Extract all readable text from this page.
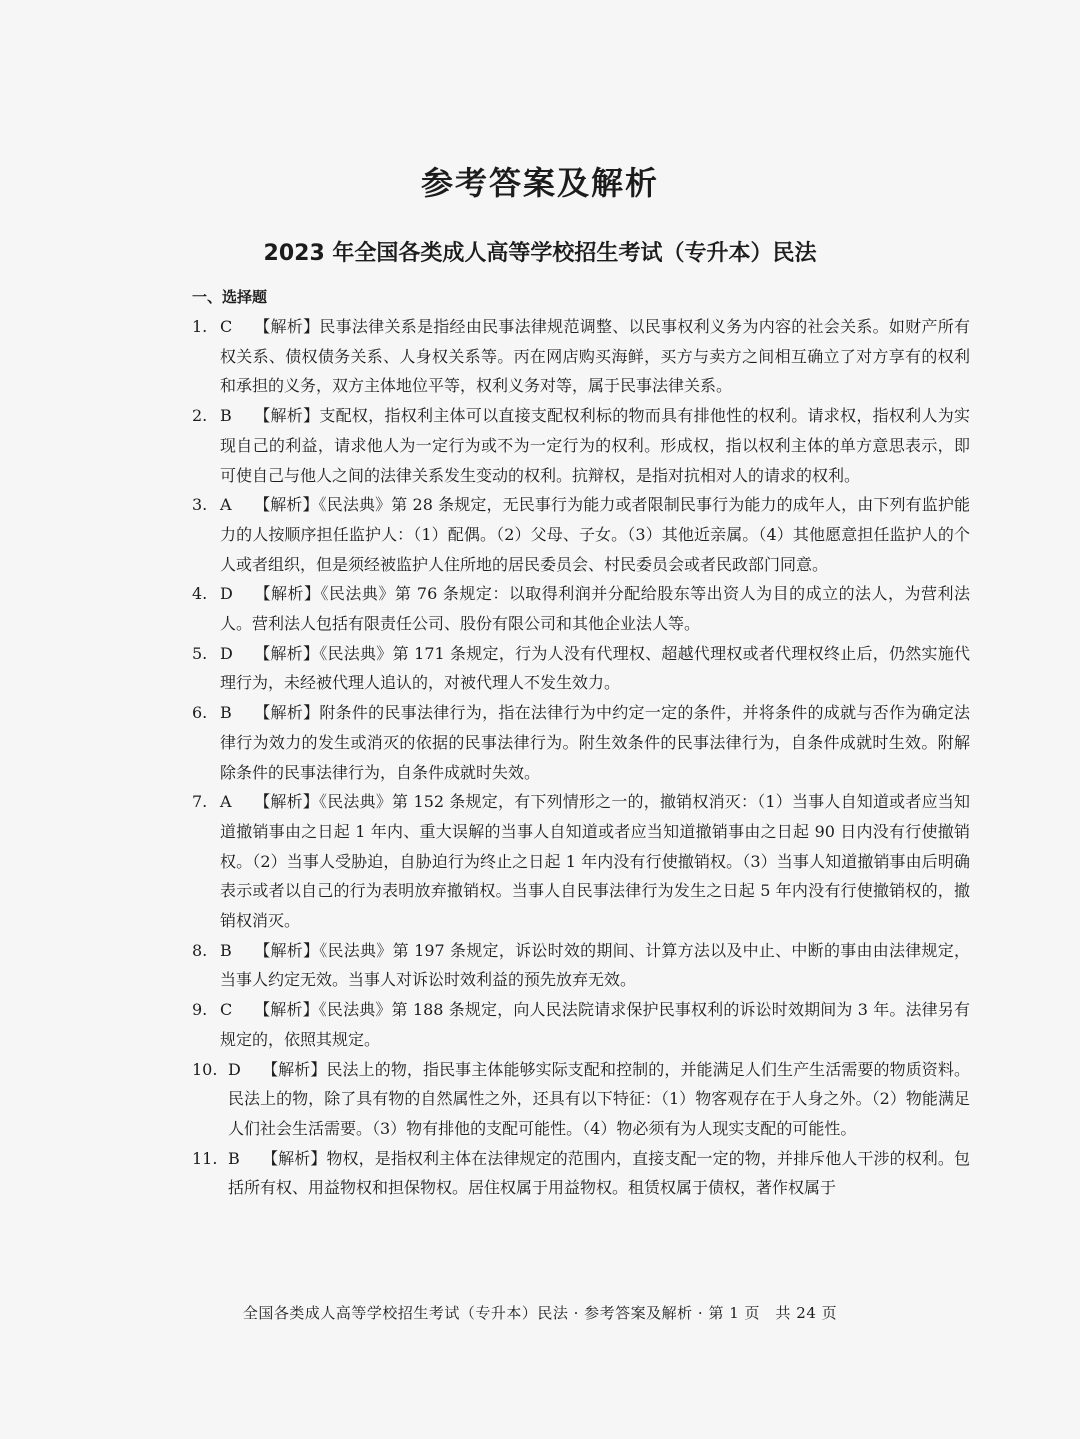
参考答案及解析
2023 年全国各类成人高等学校招生考试（专升本）民法
一、选择题
1. C 【解析】民事法律关系是指经由民事法律规范调整、以民事权利义务为内容的社会关系。如财产所有权关系、债权债务关系、人身权关系等。丙在网店购买海鲜，买方与卖方之间相互确立了对方享有的权利和承担的义务，双方主体地位平等，权利义务对等，属于民事法律关系。
2. B 【解析】支配权，指权利主体可以直接支配权利标的物而具有排他性的权利。请求权，指权利人为实现自己的利益，请求他人为一定行为或不为一定行为的权利。形成权，指以权利主体的单方意思表示，即可使自己与他人之间的法律关系发生变动的权利。抗辩权，是指对抗相对人的请求的权利。
3. A 【解析】《民法典》第 28 条规定，无民事行为能力或者限制民事行为能力的成年人，由下列有监护能力的人按顺序担任监护人：（1）配偶。（2）父母、子女。（3）其他近亲属。（4）其他愿意担任监护人的个人或者组织，但是须经被监护人住所地的居民委员会、村民委员会或者民政部门同意。
4. D 【解析】《民法典》第 76 条规定：以取得利润并分配给股东等出资人为目的成立的法人，为营利法人。营利法人包括有限责任公司、股份有限公司和其他企业法人等。
5. D 【解析】《民法典》第 171 条规定，行为人没有代理权、超越代理权或者代理权终止后，仍然实施代理行为，未经被代理人追认的，对被代理人不发生效力。
6. B 【解析】附条件的民事法律行为，指在法律行为中约定一定的条件，并将条件的成就与否作为确定法律行为效力的发生或消灭的依据的民事法律行为。附生效条件的民事法律行为，自条件成就时生效。附解除条件的民事法律行为，自条件成就时失效。
7. A 【解析】《民法典》第 152 条规定，有下列情形之一的，撤销权消灭：（1）当事人自知道或者应当知道撤销事由之日起 1 年内、重大误解的当事人自知道或者应当知道撤销事由之日起 90 日内没有行使撤销权。（2）当事人受胁迫，自胁迫行为终止之日起 1 年内没有行使撤销权。（3）当事人知道撤销事由后明确表示或者以自己的行为表明放弃撤销权。当事人自民事法律行为发生之日起 5 年内没有行使撤销权的，撤销权消灭。
8. B 【解析】《民法典》第 197 条规定，诉讼时效的期间、计算方法以及中止、中断的事由由法律规定，当事人约定无效。当事人对诉讼时效利益的预先放弃无效。
9. C 【解析】《民法典》第 188 条规定，向人民法院请求保护民事权利的诉讼时效期间为 3 年。法律另有规定的，依照其规定。
10. D 【解析】民法上的物，指民事主体能够实际支配和控制的，并能满足人们生产生活需要的物质资料。民法上的物，除了具有物的自然属性之外，还具有以下特征：（1）物客观存在于人身之外。（2）物能满足人们社会生活需要。（3）物有排他的支配可能性。（4）物必须有为人现实支配的可能性。
11. B 【解析】物权，是指权利主体在法律规定的范围内，直接支配一定的物，并排斥他人干涉的权利。包括所有权、用益物权和担保物权。居住权属于用益物权。租赁权属于债权，著作权属于
全国各类成人高等学校招生考试（专升本）民法 · 参考答案及解析 · 第 1 页　共 24 页
